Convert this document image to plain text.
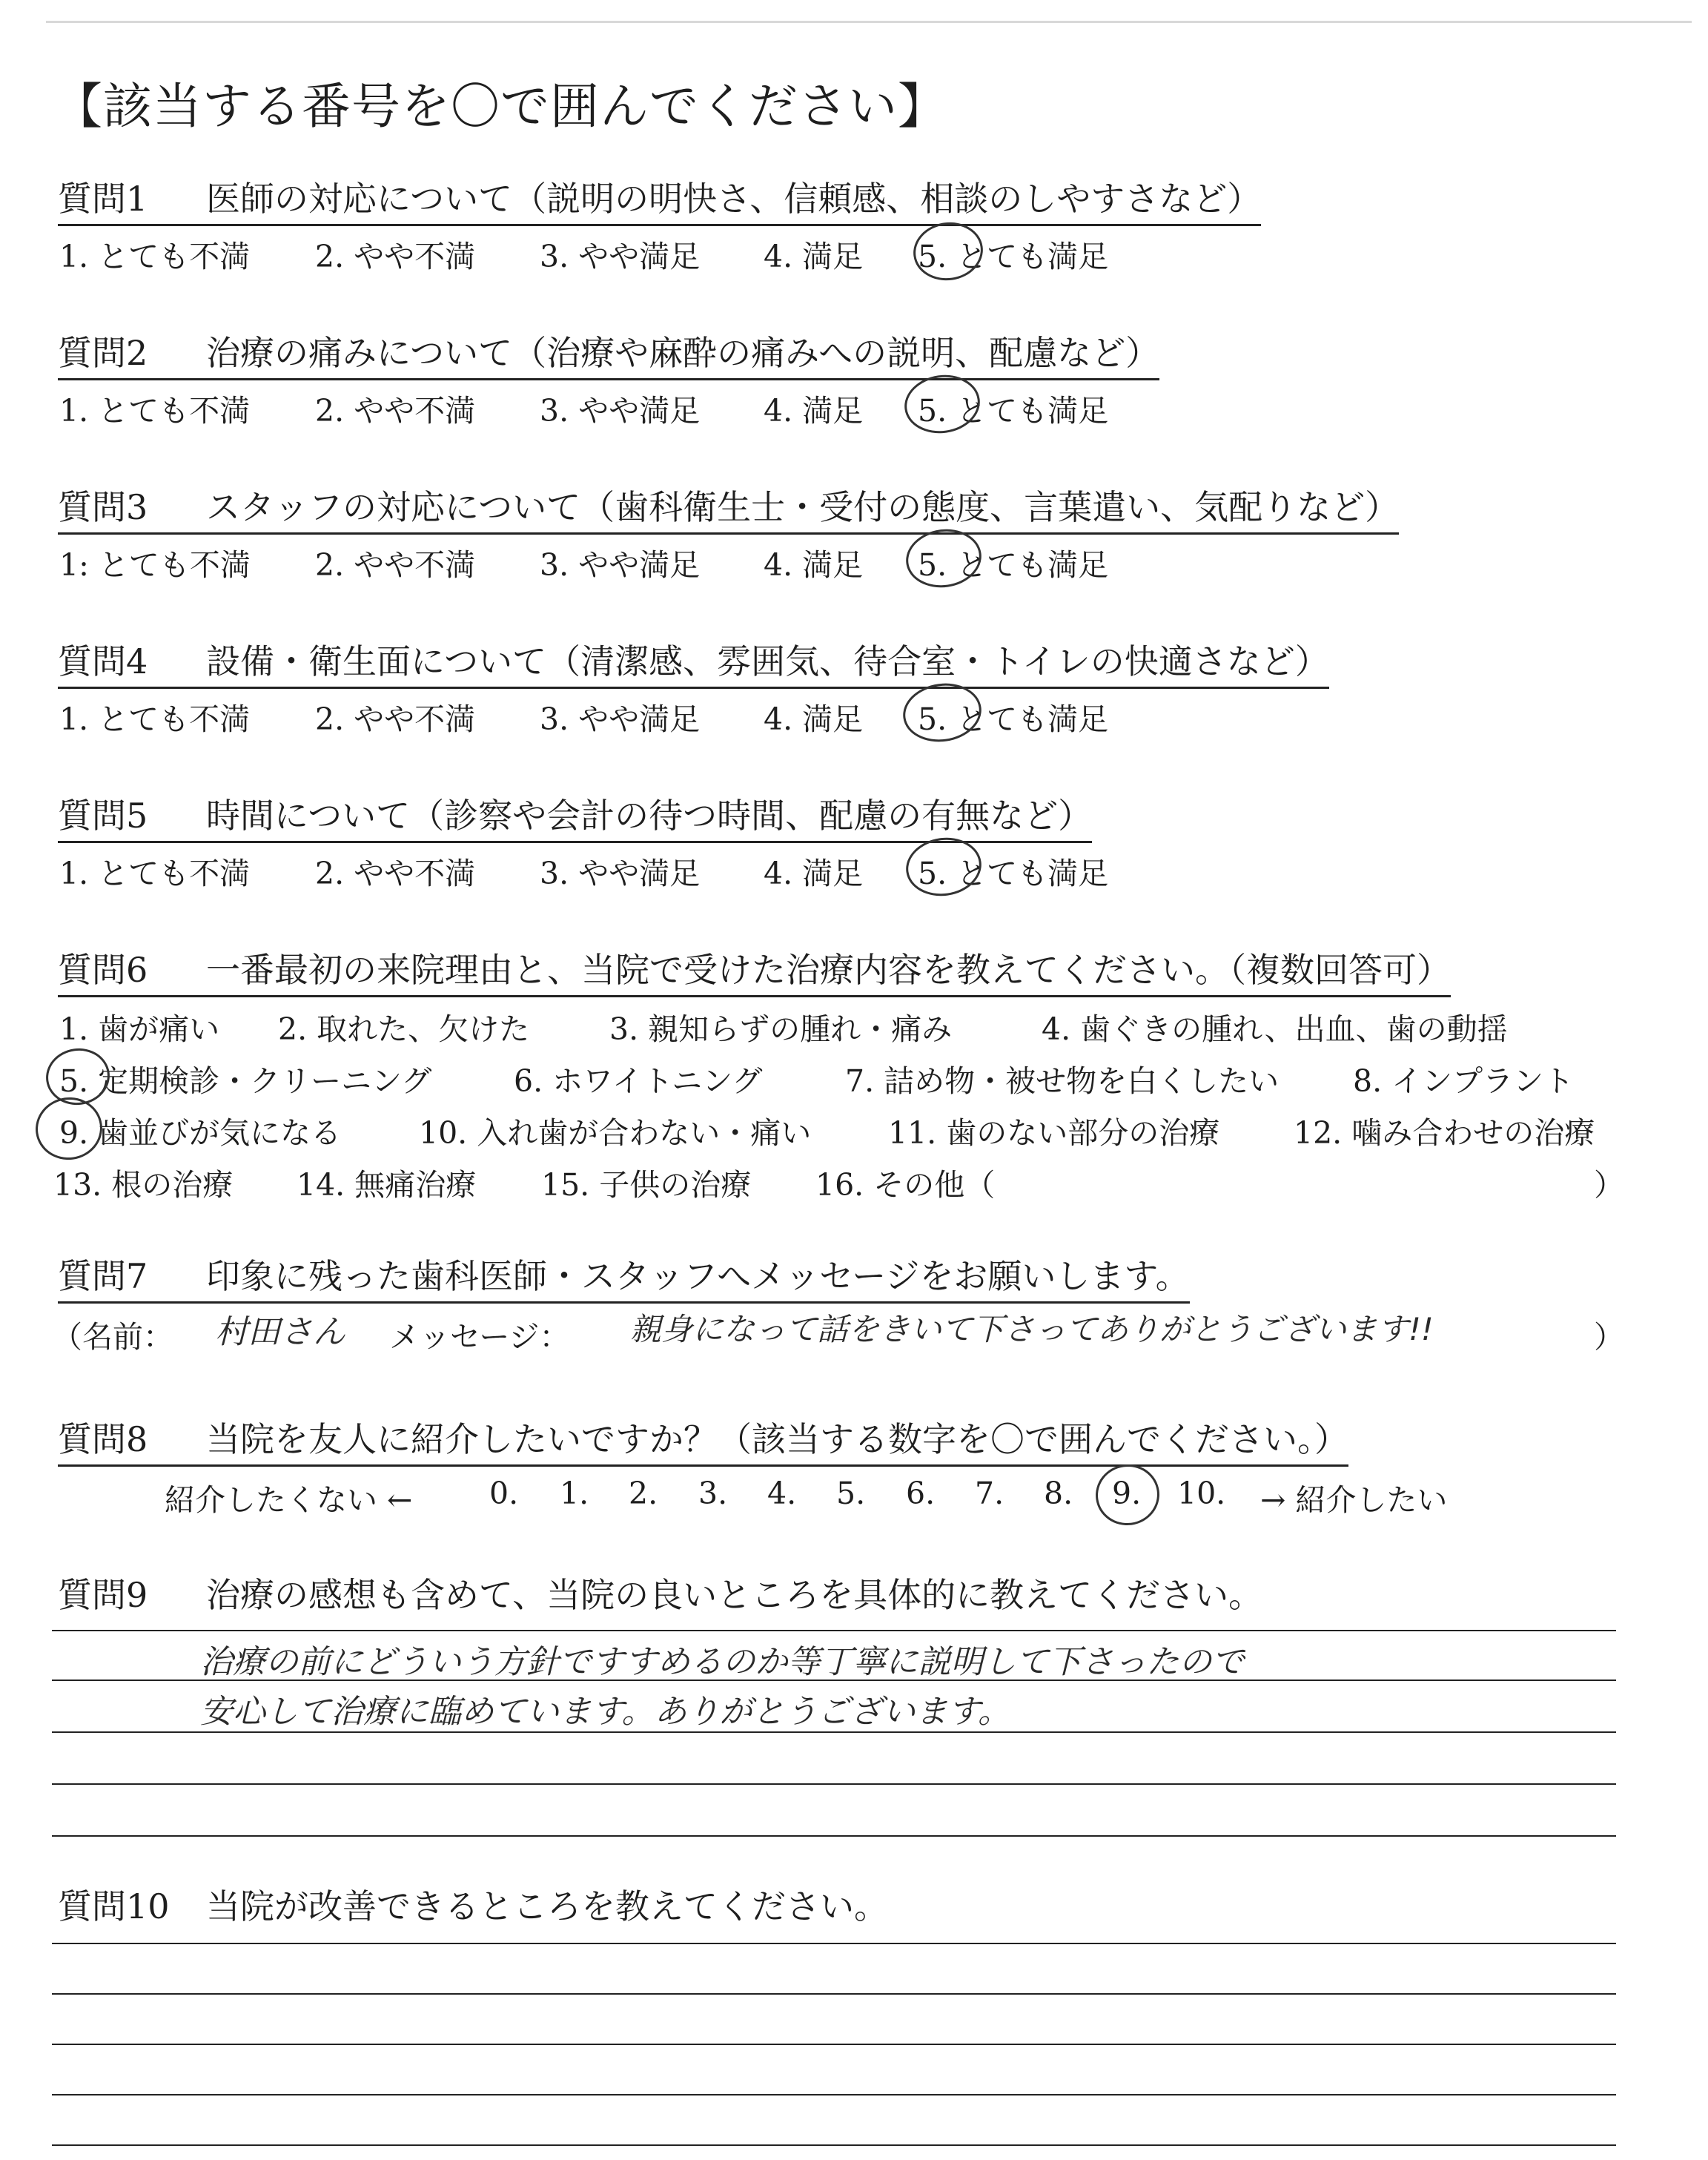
【該当する番号を〇で囲んでください】
質問1 医師の対応について（説明の明快さ、信頼感、相談のしやすさなど）
1. とても不満 2. やや不満 3. やや満足 4. 満足 5. とても満足
質問2 治療の痛みについて（治療や麻酔の痛みへの説明、配慮など）
1. とても不満 2. やや不満 3. やや満足 4. 満足 5. とても満足
質問3 スタッフの対応について（歯科衛生士・受付の態度、言葉遣い、気配りなど）
1: とても不満 2. やや不満 3. やや満足 4. 満足 5. とても満足
質問4 設備・衛生面について（清潔感、雰囲気、待合室・トイレの快適さなど）
1. とても不満 2. やや不満 3. やや満足 4. 満足 5. とても満足
質問5 時間について（診察や会計の待つ時間、配慮の有無など）
1. とても不満 2. やや不満 3. やや満足 4. 満足 5. とても満足
質問6 一番最初の来院理由と、当院で受けた治療内容を教えてください。（複数回答可）
1. 歯が痛い 2. 取れた、欠けた	3. 親知らずの腫れ・痛み	4. 歯ぐきの腫れ、出血、歯の動揺
5. 定期検診・クリーニング	6. ホワイトニング	7. 詰め物・被せ物を白くしたい 8. インプラント
9. 歯並びが気になる	10. 入れ歯が合わない・痛い	11. 歯のない部分の治療 12. 噛み合わせの治療
13. 根の治療 14. 無痛治療 15. 子供の治療 16. その他（	）
質問7 印象に残った歯科医師・スタッフへメッセージをお願いします。
（名前： 村田さん メッセージ： 親身になって話をきいて下さってありがとうございます!!	）
質問8 当院を友人に紹介したいですか？（該当する数字を〇で囲んでください。）
紹介したくない ←	0. 1. 2. 3. 4. 5. 6. 7. 8. 9. 10. → 紹介したい
質問9 治療の感想も含めて、当院の良いところを具体的に教えてください。
治療の前にどういう方針ですすめるのか等丁寧に説明して下さったので
安心して治療に臨めています。ありがとうございます。
質問10 当院が改善できるところを教えてください。
